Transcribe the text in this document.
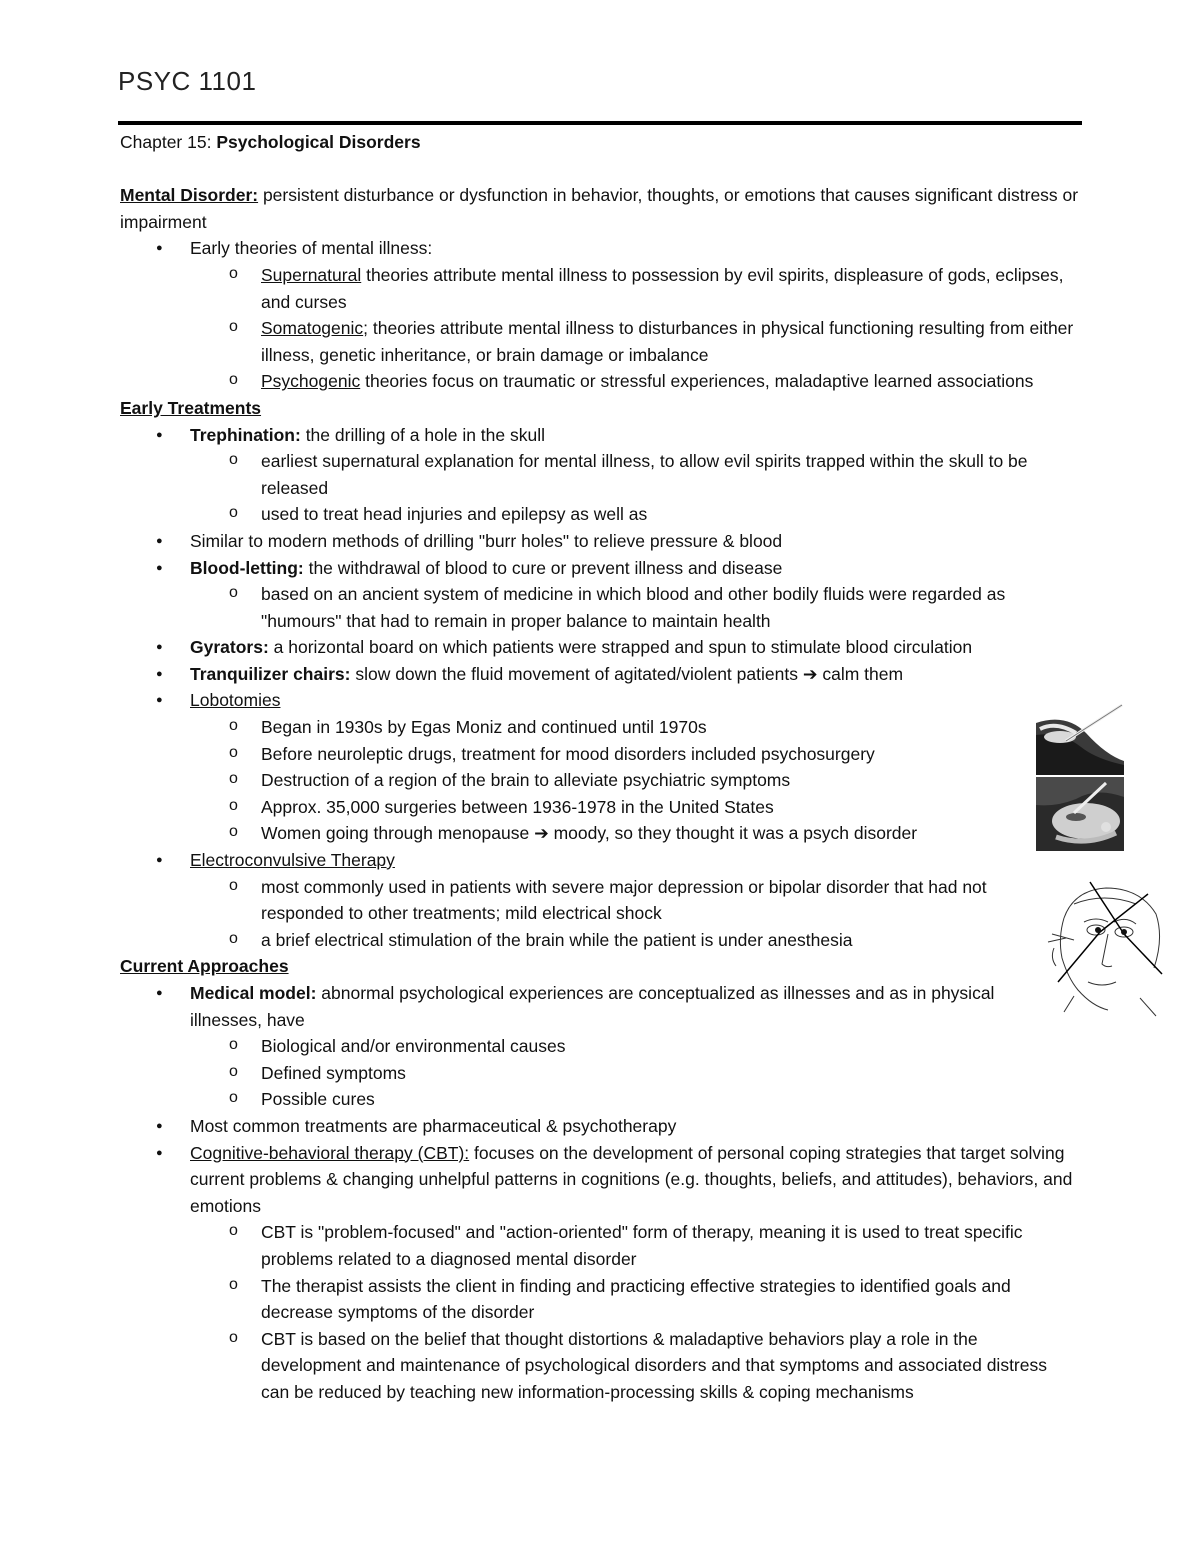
PSYC 1101

Chapter 15: Psychological Disorders

Mental Disorder: persistent disturbance or dysfunction in behavior, thoughts, or emotions that causes significant distress or impairment

● Early theories of mental illness:

o Supernatural theories attribute mental illness to possession by evil spirits, displeasure of gods, eclipses, and curses

o Somatogenic; theories attribute mental illness to disturbances in physical functioning resulting from either illness, genetic inheritance, or brain damage or imbalance

o Psychogenic theories focus on traumatic or stressful experiences, maladaptive learned associations

Early Treatments

● Trephination: the drilling of a hole in the skull

o earliest supernatural explanation for mental illness, to allow evil spirits trapped within the skull to be released

o used to treat head injuries and epilepsy as well as

● Similar to modern methods of drilling "burr holes" to relieve pressure & blood

● Blood-letting: the withdrawal of blood to cure or prevent illness and disease

o based on an ancient system of medicine in which blood and other bodily fluids were regarded as "humours" that had to remain in proper balance to maintain health

● Gyrators: a horizontal board on which patients were strapped and spun to stimulate blood circulation

● Tranquilizer chairs: slow down the fluid movement of agitated/violent patients ➔ calm them

● Lobotomies

o Began in 1930s by Egas Moniz and continued until 1970s

o Before neuroleptic drugs, treatment for mood disorders included psychosurgery

o Destruction of a region of the brain to alleviate psychiatric symptoms

o Approx. 35,000 surgeries between 1936-1978 in the United States

o Women going through menopause ➔ moody, so they thought it was a psych disorder

● Electroconvulsive Therapy

o most commonly used in patients with severe major depression or bipolar disorder that had not responded to other treatments; mild electrical shock

o a brief electrical stimulation of the brain while the patient is under anesthesia

Current Approaches

● Medical model: abnormal psychological experiences are conceptualized as illnesses and as in physical illnesses, have

o Biological and/or environmental causes

o Defined symptoms

o Possible cures

● Most common treatments are pharmaceutical & psychotherapy

● Cognitive-behavioral therapy (CBT): focuses on the development of personal coping strategies that target solving current problems & changing unhelpful patterns in cognitions (e.g. thoughts, beliefs, and attitudes), behaviors, and emotions

o CBT is "problem-focused" and "action-oriented" form of therapy, meaning it is used to treat specific problems related to a diagnosed mental disorder

o The therapist assists the client in finding and practicing effective strategies to identified goals and decrease symptoms of the disorder

o CBT is based on the belief that thought distortions & maladaptive behaviors play a role in the development and maintenance of psychological disorders and that symptoms and associated distress can be reduced by teaching new information-processing skills & coping mechanisms
